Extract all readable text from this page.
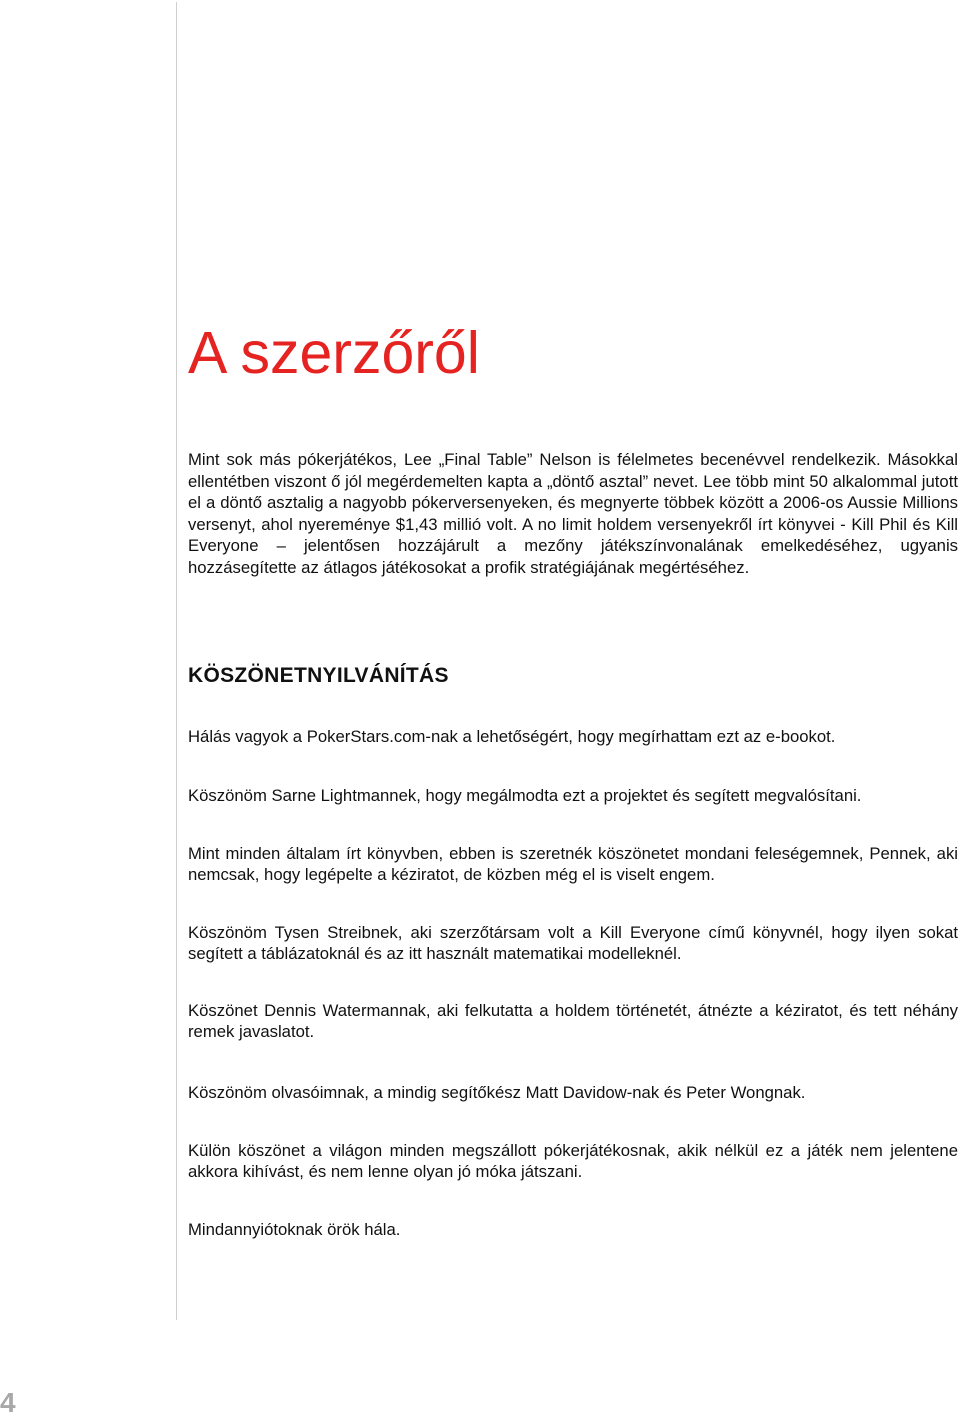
A szerzőről

Mint sok más pókerjátékos, Lee „Final Table” Nelson is félelmetes becenévvel rendelkezik. Másokkal ellentétben viszont ő jól megérdemelten kapta a „döntő asztal” nevet. Lee több mint 50 alkalommal jutott el a döntő asztalig a nagyobb pókerversenyeken, és megnyerte többek között a 2006-os Aussie Millions versenyt, ahol nyereménye $1,43 millió volt. A no limit holdem versenyekről írt könyvei - Kill Phil és Kill Everyone – jelentősen hozzájárult a mezőny játékszínvonalának emelkedéséhez, ugyanis hozzásegítette az átlagos játékosokat a profik stratégiájának megértéséhez.

KÖSZÖNETNYILVÁNÍTÁS

Hálás vagyok a PokerStars.com-nak a lehetőségért, hogy megírhattam ezt az e-bookot.

Köszönöm Sarne Lightmannek, hogy megálmodta ezt a projektet és segített megvalósítani.

Mint minden általam írt könyvben, ebben is szeretnék köszönetet mondani feleségemnek, Pennek, aki nemcsak, hogy legépelte a kéziratot, de közben még el is viselt engem.

Köszönöm Tysen Streibnek, aki szerzőtársam volt a Kill Everyone című könyvnél, hogy ilyen sokat segített a táblázatoknál és az itt használt matematikai modelleknél.

Köszönet Dennis Watermannak, aki felkutatta a holdem történetét, átnézte a kéziratot, és tett néhány remek javaslatot.

Köszönöm olvasóimnak, a mindig segítőkész Matt Davidow-nak és Peter Wongnak.

Külön köszönet a világon minden megszállott pókerjátékosnak, akik nélkül ez a játék nem jelentene akkora kihívást, és nem lenne olyan jó móka játszani.

Mindannyiótoknak örök hála.

4
